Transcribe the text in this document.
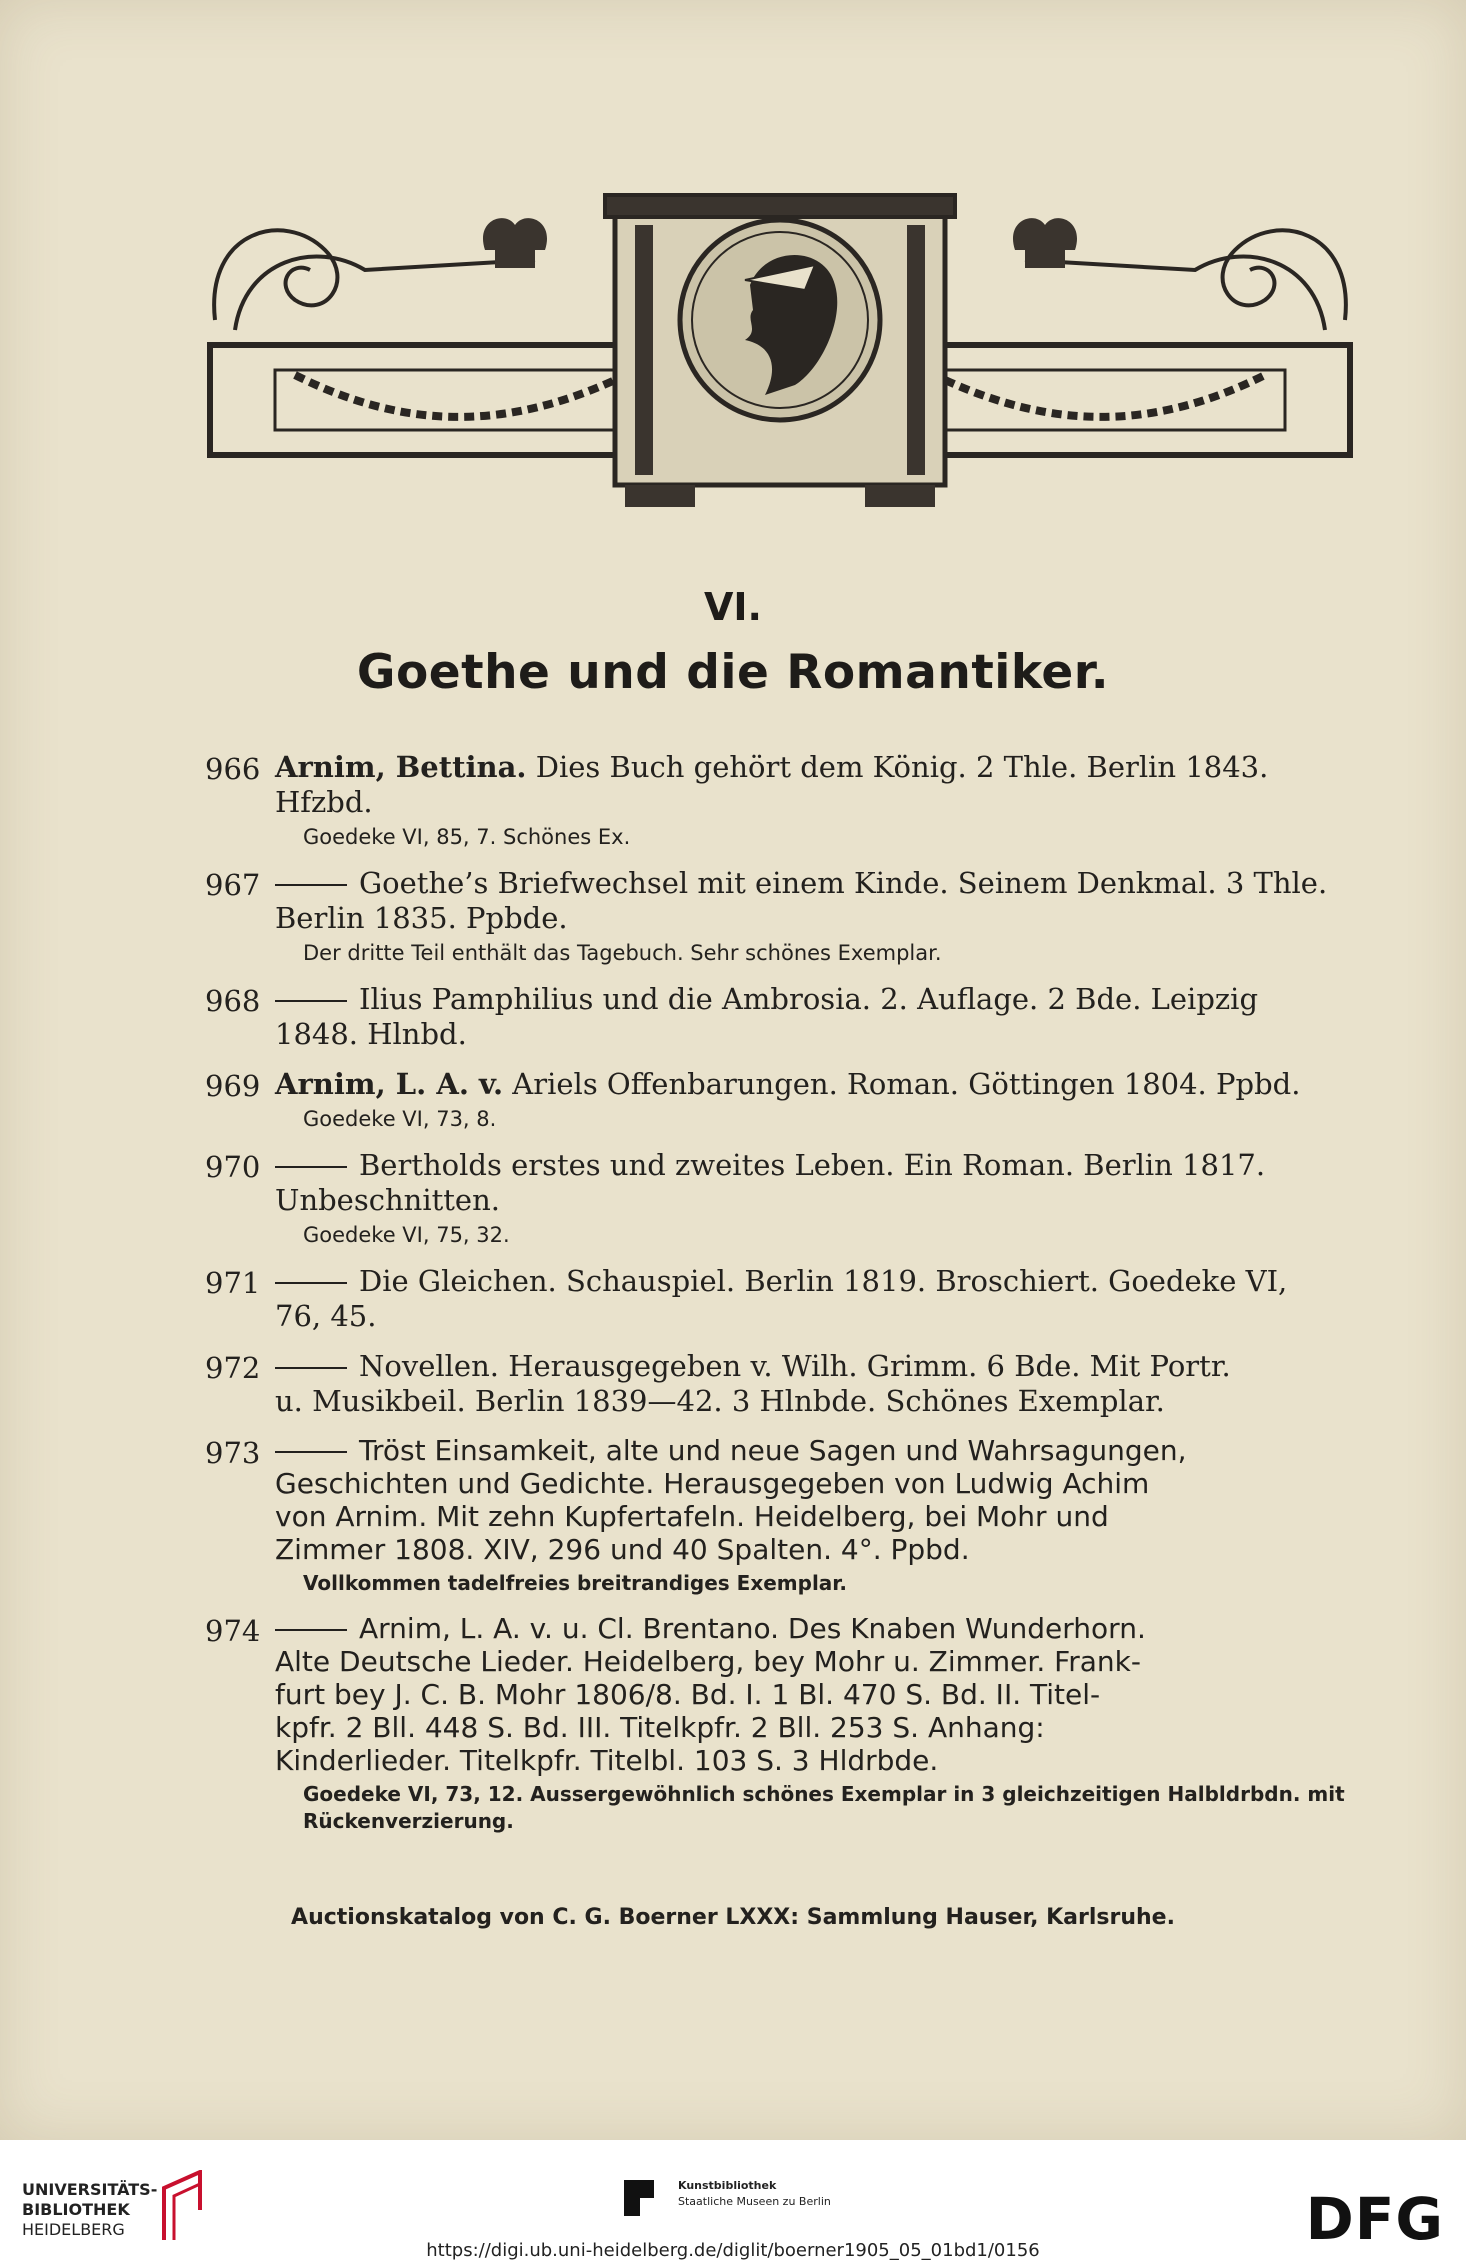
VI.
Goethe und die Romantiker.
966 Arnim, Bettina. Dies Buch gehört dem König. 2 Thle. Berlin 1843.
Hfzbd.
Goedeke VI, 85, 7. Schönes Ex.
967	Goethe’s Briefwechsel mit einem Kinde. Seinem Denkmal. 3 Thle.
Berlin 1835. Ppbde.
Der dritte Teil enthält das Tagebuch. Sehr schönes Exemplar.
968	Ilius Pamphilius und die Ambrosia. 2. Auflage. 2 Bde. Leipzig
1848. Hlnbd.
969 Arnim, L. A. v. Ariels Offenbarungen. Roman. Göttingen 1804. Ppbd.
Goedeke VI, 73, 8.
970	Bertholds erstes und zweites Leben. Ein Roman. Berlin 1817.
Unbeschnitten.
Goedeke VI, 75, 32.
971	Die Gleichen. Schauspiel. Berlin 1819. Broschiert. Goedeke VI,
76, 45.
972	Novellen. Herausgegeben v. Wilh. Grimm. 6 Bde. Mit Portr.
u. Musikbeil. Berlin 1839—42. 3 Hlnbde. Schönes Exemplar.
973	Tröst Einsamkeit, alte und neue Sagen und Wahrsagungen,
Geschichten und Gedichte. Herausgegeben von Ludwig Achim
von Arnim. Mit zehn Kupfertafeln. Heidelberg, bei Mohr und
Zimmer 1808. XIV, 296 und 40 Spalten. 4°. Ppbd.
Vollkommen tadelfreies breitrandiges Exemplar.
974	Arnim, L. A. v. u. Cl. Brentano. Des Knaben Wunderhorn.
Alte Deutsche Lieder. Heidelberg, bey Mohr u. Zimmer. Frank-
furt bey J. C. B. Mohr 1806/8. Bd. I. 1 Bl. 470 S. Bd. II. Titel-
kpfr. 2 Bll. 448 S. Bd. III. Titelkpfr. 2 Bll. 253 S. Anhang:
Kinderlieder. Titelkpfr. Titelbl. 103 S. 3 Hldrbde.
Goedeke VI, 73, 12. Aussergewöhnlich schönes Exemplar in 3 gleichzeitigen Halbldrbdn. mit Rückenverzierung.
Auctionskatalog von C. G. Boerner LXXX: Sammlung Hauser, Karlsruhe.
UNIVERSITÄTS-
BIBLIOTHEK
HEIDELBERG
Kunstbibliothek
Staatliche Museen zu Berlin	DFG
https://digi.ub.uni-heidelberg.de/diglit/boerner1905_05_01bd1/0156
